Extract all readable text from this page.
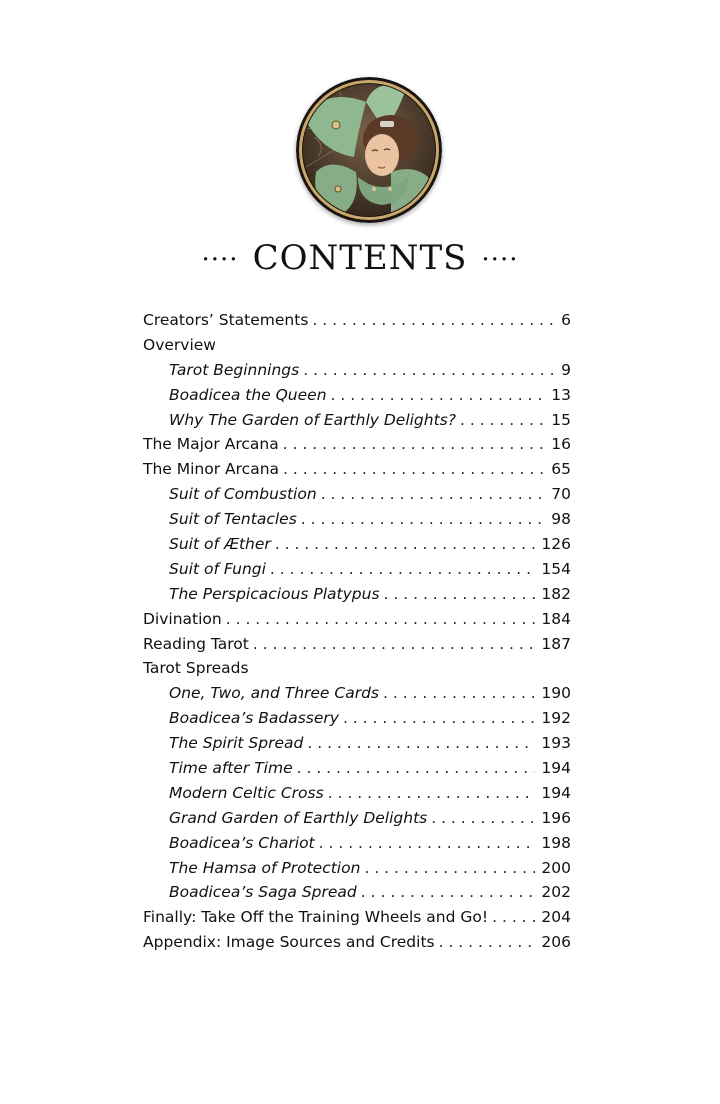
···· CONTENTS ····
Creators’ Statements . . .	6
Overview
Tarot Beginnings . . .	9
Boadicea the Queen . . .	13
Why The Garden of Earthly Delights? . . .	15
The Major Arcana . . .	16
The Minor Arcana . . .	65
Suit of Combustion . . .	70
Suit of Tentacles . . .	98
Suit of Æther . . .	126
Suit of Fungi . . .	154
The Perspicacious Platypus . . .	182
Divination . . .	184
Reading Tarot . . .	187
Tarot Spreads
One, Two, and Three Cards . . .	190
Boadicea’s Badassery . . .	192
The Spirit Spread . . .	193
Time after Time . . .	194
Modern Celtic Cross . . .	194
Grand Garden of Earthly Delights . . .	196
Boadicea’s Chariot . . .	198
The Hamsa of Protection . . .	200
Boadicea’s Saga Spread . . .	202
Finally: Take Off the Training Wheels and Go! . . .	204
Appendix: Image Sources and Credits . . .	206
